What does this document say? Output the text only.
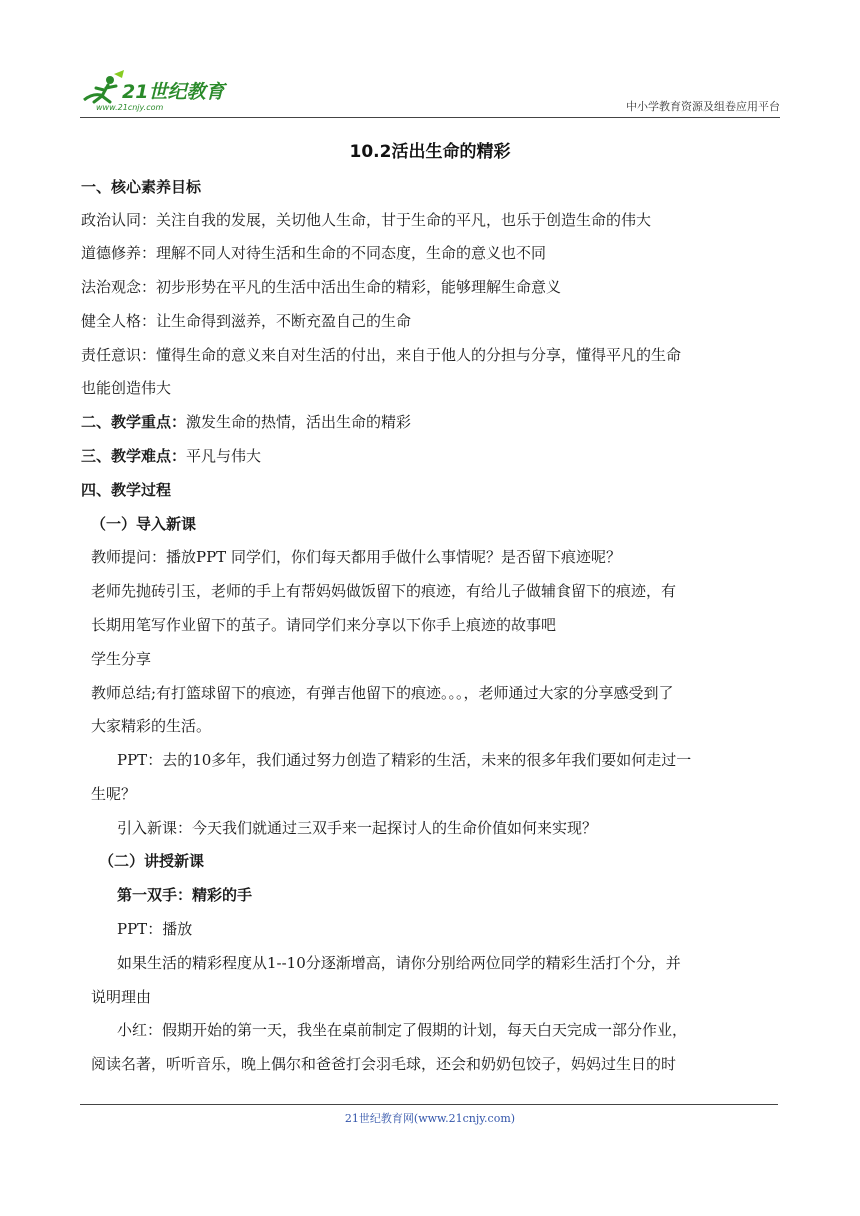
21世纪教育
www.21cnjy.com	中小学教育资源及组卷应用平台
10.2活出生命的精彩
一、核心素养目标
政治认同：关注自我的发展，关切他人生命，甘于生命的平凡，也乐于创造生命的伟大
道德修养：理解不同人对待生活和生命的不同态度，生命的意义也不同
法治观念：初步形势在平凡的生活中活出生命的精彩，能够理解生命意义
健全人格：让生命得到滋养，不断充盈自己的生命
责任意识：懂得生命的意义来自对生活的付出，来自于他人的分担与分享，懂得平凡的生命
也能创造伟大
二、教学重点：激发生命的热情，活出生命的精彩
三、教学难点：平凡与伟大
四、教学过程
（一）导入新课
教师提问：播放PPT 同学们，你们每天都用手做什么事情呢？是否留下痕迹呢？
老师先抛砖引玉，老师的手上有帮妈妈做饭留下的痕迹，有给儿子做辅食留下的痕迹，有
长期用笔写作业留下的茧子。请同学们来分享以下你手上痕迹的故事吧
学生分享
教师总结;有打篮球留下的痕迹，有弹吉他留下的痕迹。。。，老师通过大家的分享感受到了
大家精彩的生活。
PPT：去的10多年，我们通过努力创造了精彩的生活，未来的很多年我们要如何走过一
生呢？
引入新课：今天我们就通过三双手来一起探讨人的生命价值如何来实现？
（二）讲授新课
第一双手：精彩的手
PPT：播放
如果生活的精彩程度从1--10分逐渐增高，请你分别给两位同学的精彩生活打个分，并
说明理由
小红：假期开始的第一天，我坐在桌前制定了假期的计划，每天白天完成一部分作业，
阅读名著，听听音乐，晚上偶尔和爸爸打会羽毛球，还会和奶奶包饺子，妈妈过生日的时
21世纪教育网(www.21cnjy.com)
